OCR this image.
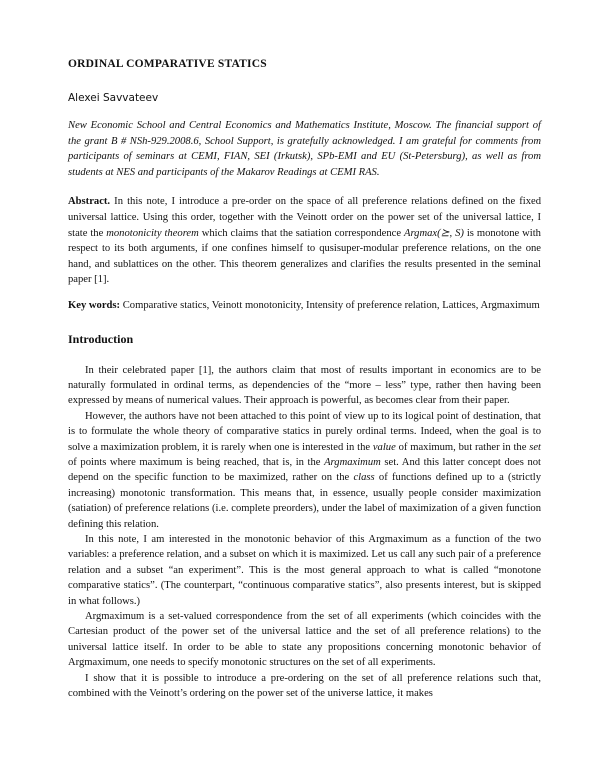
ORDINAL COMPARATIVE STATICS

Alexei Savvateev

New Economic School and Central Economics and Mathematics Institute, Moscow. The financial support of the grant B # NSh-929.2008.6, School Support, is gratefully acknowledged. I am grateful for comments from participants of seminars at CEMI, FIAN, SEI (Irkutsk), SPb-EMI and EU (St-Petersburg), as well as from students at NES and participants of the Makarov Readings at CEMI RAS.

Abstract. In this note, I introduce a pre-order on the space of all preference relations defined on the fixed universal lattice. Using this order, together with the Veinott order on the power set of the universal lattice, I state the monotonicity theorem which claims that the satiation correspondence Argmax(⪰, S) is monotone with respect to its both arguments, if one confines himself to qusisuper-modular preference relations, on the one hand, and sublattices on the other. This theorem generalizes and clarifies the results presented in the seminal paper [1].

Key words: Comparative statics, Veinott monotonicity, Intensity of preference relation, Lattices, Argmaximum

Introduction

In their celebrated paper [1], the authors claim that most of results important in economics are to be naturally formulated in ordinal terms, as dependencies of the “more – less” type, rather then having been expressed by means of numerical values. Their approach is powerful, as becomes clear from their paper.

However, the authors have not been attached to this point of view up to its logical point of destination, that is to formulate the whole theory of comparative statics in purely ordinal terms. Indeed, when the goal is to solve a maximization problem, it is rarely when one is interested in the value of maximum, but rather in the set of points where maximum is being reached, that is, in the Argmaximum set. And this latter concept does not depend on the specific function to be maximized, rather on the class of functions defined up to a (strictly increasing) monotonic transformation. This means that, in essence, usually people consider maximization (satiation) of preference relations (i.e. complete preorders), under the label of maximization of a given function defining this relation.

In this note, I am interested in the monotonic behavior of this Argmaximum as a function of the two variables: a preference relation, and a subset on which it is maximized. Let us call any such pair of a preference relation and a subset “an experiment”. This is the most general approach to what is called “monotone comparative statics”. (The counterpart, “continuous comparative statics”, also presents interest, but is skipped in what follows.)

Argmaximum is a set-valued correspondence from the set of all experiments (which coincides with the Cartesian product of the power set of the universal lattice and the set of all preference relations) to the universal lattice itself. In order to be able to state any propositions concerning monotonic behavior of Argmaximum, one needs to specify monotonic structures on the set of all experiments.

I show that it is possible to introduce a pre-ordering on the set of all preference relations such that, combined with the Veinott’s ordering on the power set of the universe lattice, it makes
